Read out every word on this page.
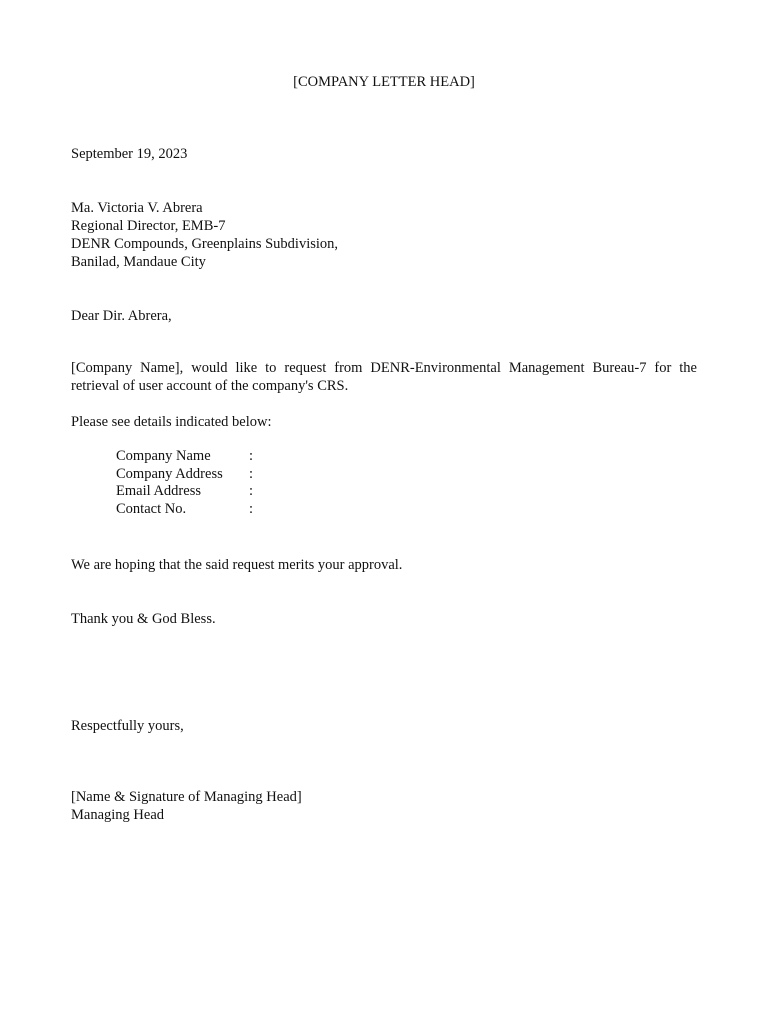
[COMPANY LETTER HEAD]
September 19, 2023
Ma. Victoria V. Abrera
Regional Director, EMB-7
DENR Compounds, Greenplains Subdivision,
Banilad, Mandaue City
Dear Dir. Abrera,
[Company Name], would like to request from DENR-Environmental Management Bureau-7 for the retrieval of user account of the company's CRS.
Please see details indicated below:
Company Name	:
Company Address	:
Email Address	:
Contact No.	:
We are hoping that the said request merits your approval.
Thank you & God Bless.
Respectfully yours,
[Name & Signature of Managing Head]
Managing Head
